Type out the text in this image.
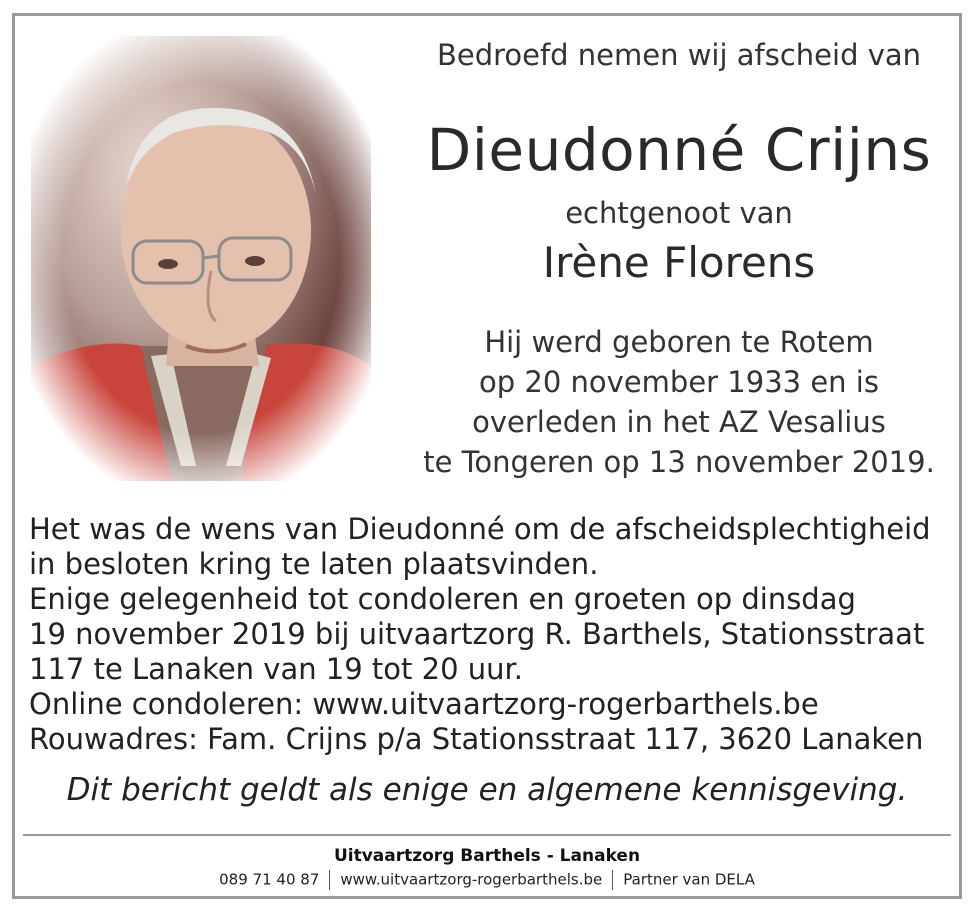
Bedroefd nemen wij afscheid van
Dieudonné Crijns
echtgenoot van
Irène Florens
Hij werd geboren te Rotem
op 20 november 1933 en is
overleden in het AZ Vesalius
te Tongeren op 13 november 2019.
Het was de wens van Dieudonné om de afscheidsplechtigheid
in besloten kring te laten plaatsvinden.
Enige gelegenheid tot condoleren en groeten op dinsdag
19 november 2019 bij uitvaartzorg R. Barthels, Stationsstraat
117 te Lanaken van 19 tot 20 uur.
Online condoleren: www.uitvaartzorg-rogerbarthels.be
Rouwadres: Fam. Crijns p/a Stationsstraat 117, 3620 Lanaken
Dit bericht geldt als enige en algemene kennisgeving.
Uitvaartzorg Barthels - Lanaken
089 71 40 87 www.uitvaartzorg-rogerbarthels.be Partner van DELA
